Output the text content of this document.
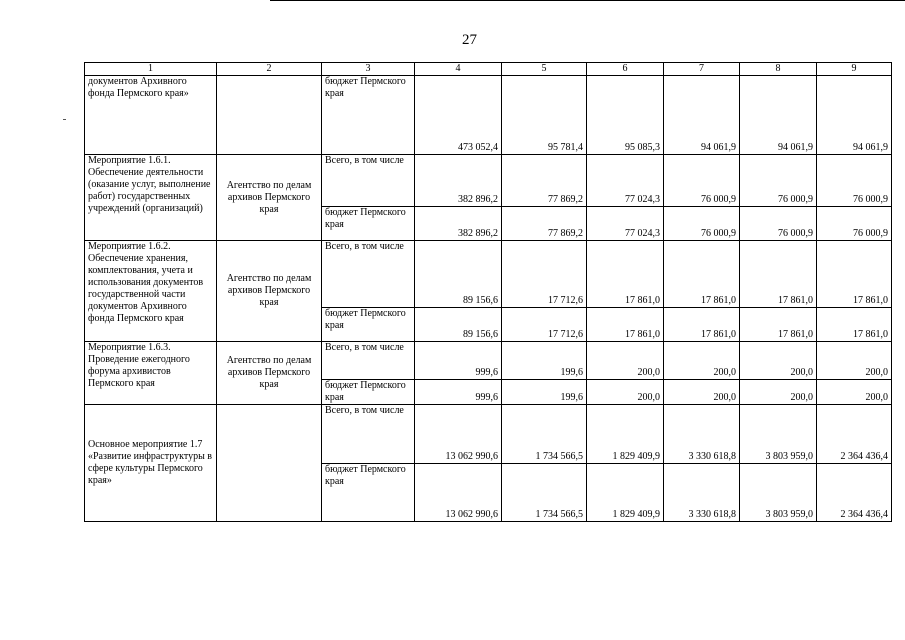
27
1	2	3	4	5	6	7	8	9
документов Архивного фонда Пермского края»		бюджет Пермского края	473 052,4	95 781,4	95 085,3	94 061,9	94 061,9	94 061,9
Мероприятие 1.6.1. Обеспечение деятельности (оказание услуг, выполнение работ) государственных учреждений (организаций)	Агентство по делам архивов Пермского края	Всего, в том числе	382 896,2	77 869,2	77 024,3	76 000,9	76 000,9	76 000,9
		бюджет Пермского края	382 896,2	77 869,2	77 024,3	76 000,9	76 000,9	76 000,9
Мероприятие 1.6.2. Обеспечение хранения, комплектования, учета и использования документов государственной части документов Архивного фонда Пермского края	Агентство по делам архивов Пермского края	Всего, в том числе	89 156,6	17 712,6	17 861,0	17 861,0	17 861,0	17 861,0
		бюджет Пермского края	89 156,6	17 712,6	17 861,0	17 861,0	17 861,0	17 861,0
Мероприятие 1.6.3. Проведение ежегодного форума архивистов Пермского края	Агентство по делам архивов Пермского края	Всего, в том числе	999,6	199,6	200,0	200,0	200,0	200,0
		бюджет Пермского края	999,6	199,6	200,0	200,0	200,0	200,0
Основное мероприятие 1.7 «Развитие инфраструктуры в сфере культуры Пермского края»		Всего, в том числе	13 062 990,6	1 734 566,5	1 829 409,9	3 330 618,8	3 803 959,0	2 364 436,4
		бюджет Пермского края	13 062 990,6	1 734 566,5	1 829 409,9	3 330 618,8	3 803 959,0	2 364 436,4
